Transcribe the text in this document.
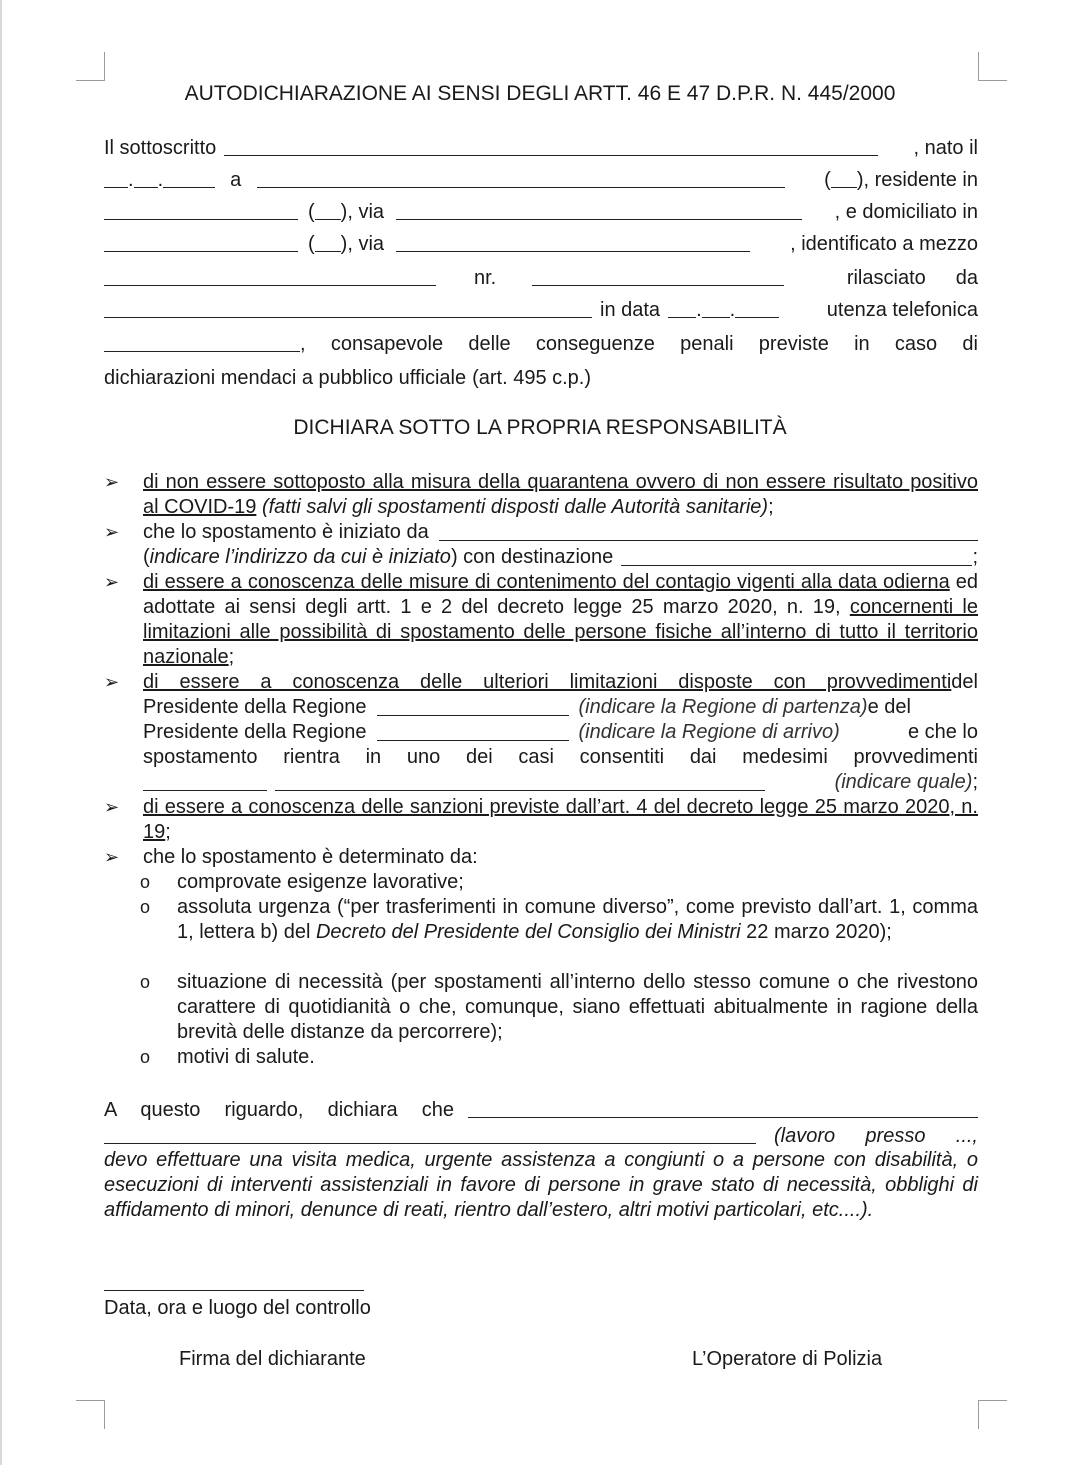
AUTODICHIARAZIONE AI SENSI DEGLI ARTT. 46 E 47 D.P.R. N. 445/2000
Il sottoscritto	, nato il
. .	a	( ), residente in
( ), via	, e domiciliato in
( ), via	, identificato a mezzo
nr.	rilasciato da
in data . .	utenza telefonica
, consapevole delle conseguenze penali previste in caso di
dichiarazioni mendaci a pubblico ufficiale (art. 495 c.p.)
DICHIARA SOTTO LA PROPRIA RESPONSABILITÀ
➢ di non essere sottoposto alla misura della quarantena ovvero di non essere risultato positivo al COVID-19 (fatti salvi gli spostamenti disposti dalle Autorità sanitarie);
➢ che lo spostamento è iniziato da
( indicare l’indirizzo da cui è iniziato ) con destinazione	;
➢ di essere a conoscenza delle misure di contenimento del contagio vigenti alla data odierna ed adottate ai sensi degli artt. 1 e 2 del decreto legge 25 marzo 2020, n. 19, concernenti le limitazioni alle possibilità di spostamento delle persone fisiche all’interno di tutto il territorio nazionale;
➢ di essere a conoscenza delle ulteriori limitazioni disposte con provvedimenti del
Presidente della Regione	(indicare la Regione di partenza) e del
Presidente della Regione	(indicare la Regione di arrivo)	e che lo
spostamento rientra in uno dei casi consentiti dai medesimi provvedimenti
(indicare quale) ;
➢ di essere a conoscenza delle sanzioni previste dall’art. 4 del decreto legge 25 marzo 2020, n. 19;
➢ che lo spostamento è determinato da:
o comprovate esigenze lavorative;
o assoluta urgenza (“per trasferimenti in comune diverso”, come previsto dall’art. 1, comma 1, lettera b) del Decreto del Presidente del Consiglio dei Ministri 22 marzo 2020);
o situazione di necessità (per spostamenti all’interno dello stesso comune o che rivestono carattere di quotidianità o che, comunque, siano effettuati abitualmente in ragione della brevità delle distanze da percorrere);
o motivi di salute.
A questo riguardo, dichiara che
(lavoro presso ...,
devo effettuare una visita medica, urgente assistenza a congiunti o a persone con disabilità, o esecuzioni di interventi assistenziali in favore di persone in grave stato di necessità, obblighi di affidamento di minori, denunce di reati, rientro dall’estero, altri motivi particolari, etc....).
Data, ora e luogo del controllo
Firma del dichiarante	L’Operatore di Polizia
